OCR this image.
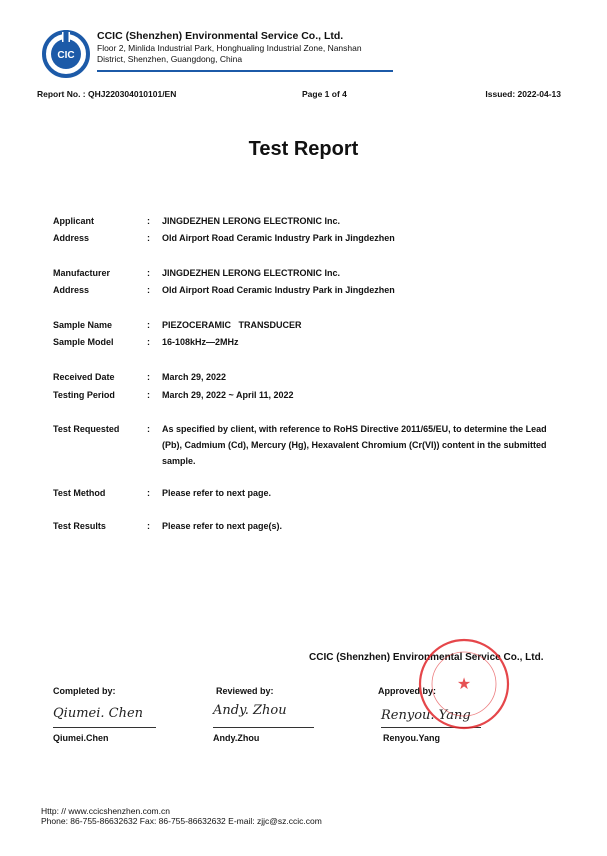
CIC
CCIC (Shenzhen) Environmental Service Co., Ltd.
Floor 2, Minlida Industrial Park, Honghualing Industrial Zone, Nanshan
District, Shenzhen, Guangdong, China
Report No. : QHJ220304010101/EN	Page 1 of 4	Issued: 2022-04-13
Test Report
Applicant	: JINGDEZHEN LERONG ELECTRONIC Inc.
Address	: Old Airport Road Ceramic Industry Park in Jingdezhen
Manufacturer	: JINGDEZHEN LERONG ELECTRONIC Inc.
Address	: Old Airport Road Ceramic Industry Park in Jingdezhen
Sample Name	: PIEZOCERAMIC   TRANSDUCER
Sample Model	: 16-108kHz—2MHz
Received Date	: March 29, 2022
Testing Period	: March 29, 2022 ~ April 11, 2022
Test Requested	: As specified by client, with reference to RoHS Directive 2011/65/EU, to determine the Lead (Pb), Cadmium (Cd), Mercury (Hg), Hexavalent Chromium (Cr(VI)) content in the submitted sample.
Test Method	: Please refer to next page.
Test Results	: Please refer to next page(s).
CCIC (Shenzhen) Environmental Service Co., Ltd.
Completed by:
Qiumei. Chen
Qiumei.Chen
Reviewed by:
Andy. Zhou
Andy.Zhou
Approved by:
Renyou. Yang
Renyou.Yang
★
Http: // www.ccicshenzhen.com.cn
Phone: 86-755-86632632 Fax: 86-755-86632632 E-mail: zjjc@sz.ccic.com
